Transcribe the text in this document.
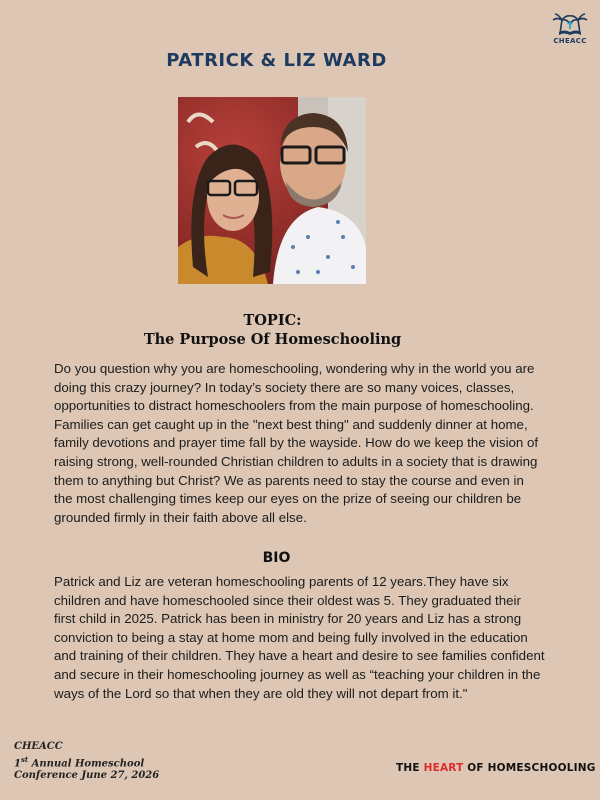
CHEACC
PATRICK & LIZ WARD
TOPIC:
The Purpose Of Homeschooling

Do you question why you are homeschooling, wondering why in the world you are doing this crazy journey? In today’s society there are so many voices, classes, opportunities to distract homeschoolers from the main purpose of homeschooling. Families can get caught up in the "next best thing" and suddenly dinner at home, family devotions and prayer time fall by the wayside. How do we keep the vision of raising strong, well-rounded Christian children to adults in a society that is drawing them to anything but Christ? We as parents need to stay the course and even in the most challenging times keep our eyes on the prize of seeing our children be grounded firmly in their faith above all else.

BIO

Patrick and Liz are veteran homeschooling parents of 12 years.They have six children and have homeschooled since their oldest was 5. They graduated their first child in 2025. Patrick has been in ministry for 20 years and Liz has a strong conviction to being a stay at home mom and being fully involved in the education and training of their children. They have a heart and desire to see families confident and secure in their homeschooling journey as well as “teaching your children in the ways of the Lord so that when they are old they will not depart from it."

CHEACC
1st Annual Homeschool
Conference June 27, 2026
THE HEART OF HOMESCHOOLING
